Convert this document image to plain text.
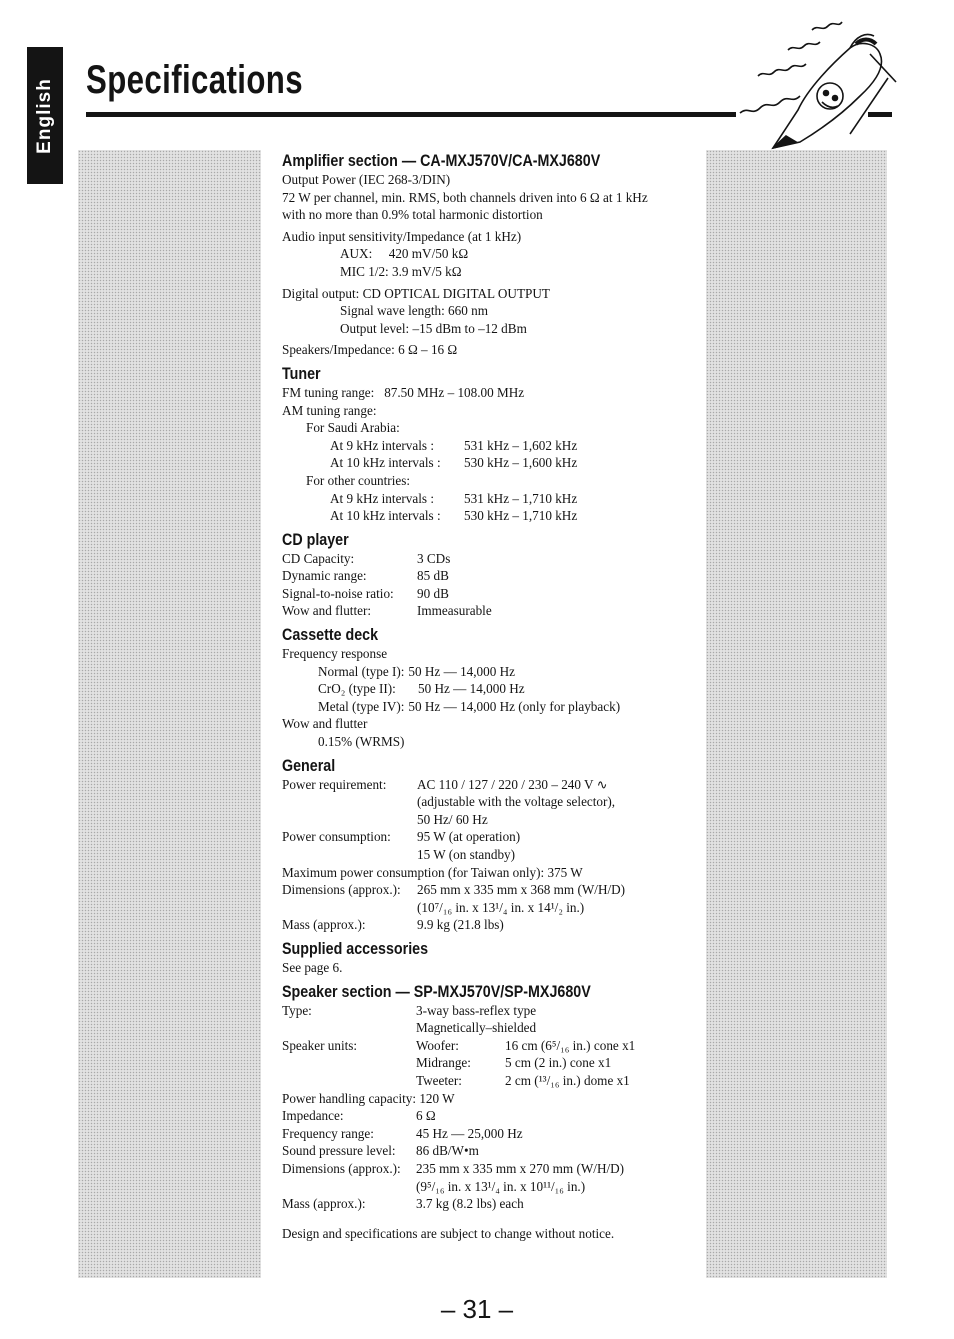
English Specifications
Amplifier section — CA-MXJ570V/CA-MXJ680V
Output Power (IEC 268-3/DIN)
72 W per channel, min. RMS, both channels driven into 6 Ω at 1 kHz
with no more than 0.9% total harmonic distortion
Audio input sensitivity/Impedance (at 1 kHz)
AUX:     420 mV/50 kΩ
MIC 1/2: 3.9 mV/5 kΩ
Digital output: CD OPTICAL DIGITAL OUTPUT
Signal wave length: 660 nm
Output level: –15 dBm to –12 dBm
Speakers/Impedance: 6 Ω – 16 Ω
Tuner
FM tuning range:   87.50 MHz – 108.00 MHz
AM tuning range:
For Saudi Arabia:
At 9 kHz intervals :	531 kHz – 1,602 kHz
At 10 kHz intervals :	530 kHz – 1,600 kHz
For other countries:
At 9 kHz intervals :	531 kHz – 1,710 kHz
At 10 kHz intervals :	530 kHz – 1,710 kHz
CD player
CD Capacity:	3 CDs
Dynamic range:	85 dB
Signal-to-noise ratio:	90 dB
Wow and flutter:	Immeasurable
Cassette deck
Frequency response
Normal (type I): 50 Hz — 14,000 Hz
CrO₂ (type II):	50 Hz — 14,000 Hz
Metal (type IV): 50 Hz — 14,000 Hz (only for playback)
Wow and flutter
0.15% (WRMS)
General
Power requirement:	AC 110 / 127 / 220 / 230 – 240 V ∿
(adjustable with the voltage selector),
50 Hz/ 60 Hz
Power consumption:	95 W (at operation)
15 W (on standby)
Maximum power consumption (for Taiwan only): 375 W
Dimensions (approx.):	265 mm x 335 mm x 368 mm (W/H/D)
(10⁷/₁₆ in. x 13¹/₄ in. x 14¹/₂ in.)
Mass (approx.):	9.9 kg (21.8 lbs)
Supplied accessories
See page 6.
Speaker section — SP-MXJ570V/SP-MXJ680V
Type:	3-way bass-reflex type
Magnetically–shielded
Speaker units:	Woofer:	16 cm (6⁵/₁₆ in.) cone x1
Midrange:	5 cm (2 in.) cone x1
Tweeter:	2 cm (¹³/₁₆ in.) dome x1
Power handling capacity: 120 W
Impedance:	6 Ω
Frequency range:	45 Hz — 25,000 Hz
Sound pressure level:	86 dB/W•m
Dimensions (approx.):	235 mm x 335 mm x 270 mm (W/H/D)
(9⁵/₁₆ in. x 13¹/₄ in. x 10¹¹/₁₆ in.)
Mass (approx.):	3.7 kg (8.2 lbs) each
Design and specifications are subject to change without notice.
– 31 –
